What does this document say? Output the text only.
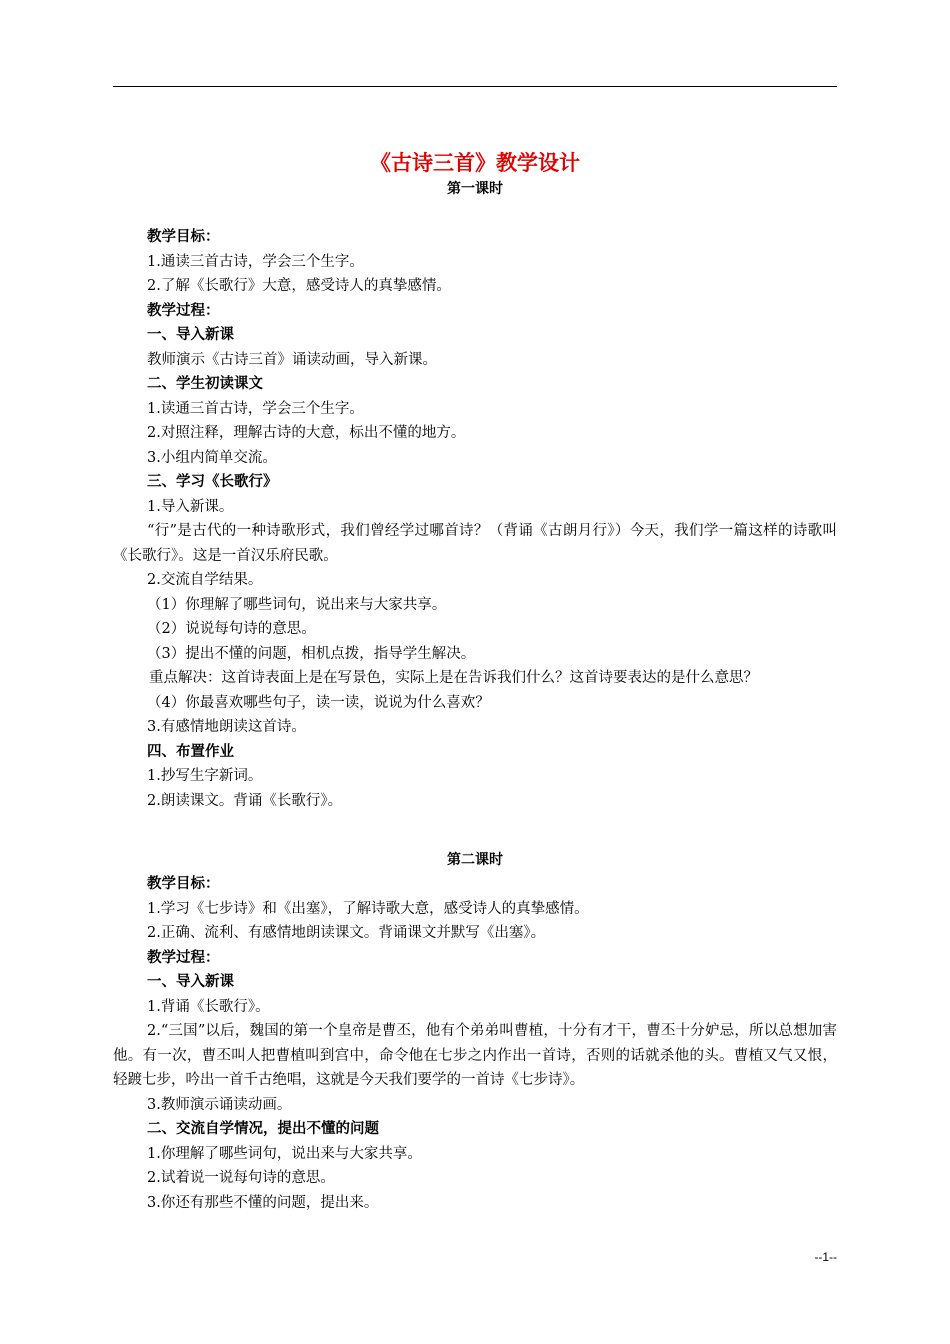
《古诗三首》教学设计
第一课时
教学目标：
1.通读三首古诗，学会三个生字。
2.了解《长歌行》大意，感受诗人的真挚感情。
教学过程：
一、导入新课
教师演示《古诗三首》诵读动画，导入新课。
二、学生初读课文
1.读通三首古诗，学会三个生字。
2.对照注释，理解古诗的大意，标出不懂的地方。
3.小组内简单交流。
三、学习《长歌行》
1.导入新课。
“行”是古代的一种诗歌形式，我们曾经学过哪首诗？（背诵《古朗月行》）今天，我们学一篇这样的诗歌叫《长歌行》。这是一首汉乐府民歌。
2.交流自学结果。
（1）你理解了哪些词句，说出来与大家共享。
（2）说说每句诗的意思。
（3）提出不懂的问题，相机点拨，指导学生解决。
重点解决：这首诗表面上是在写景色，实际上是在告诉我们什么？这首诗要表达的是什么意思？
（4）你最喜欢哪些句子，读一读，说说为什么喜欢？
3.有感情地朗读这首诗。
四、布置作业
1.抄写生字新词。
2.朗读课文。背诵《长歌行》。
第二课时
教学目标：
1.学习《七步诗》和《出塞》，了解诗歌大意，感受诗人的真挚感情。
2.正确、流利、有感情地朗读课文。背诵课文并默写《出塞》。
教学过程：
一、导入新课
1.背诵《长歌行》。
2.“三国”以后，魏国的第一个皇帝是曹丕，他有个弟弟叫曹植，十分有才干，曹丕十分妒忌，所以总想加害他。有一次，曹丕叫人把曹植叫到宫中，命令他在七步之内作出一首诗，否则的话就杀他的头。曹植又气又恨，轻踱七步，吟出一首千古绝唱，这就是今天我们要学的一首诗《七步诗》。
3.教师演示诵读动画。
二、交流自学情况，提出不懂的问题
1.你理解了哪些词句，说出来与大家共享。
2.试着说一说每句诗的意思。
3.你还有那些不懂的问题，提出来。
--1--
